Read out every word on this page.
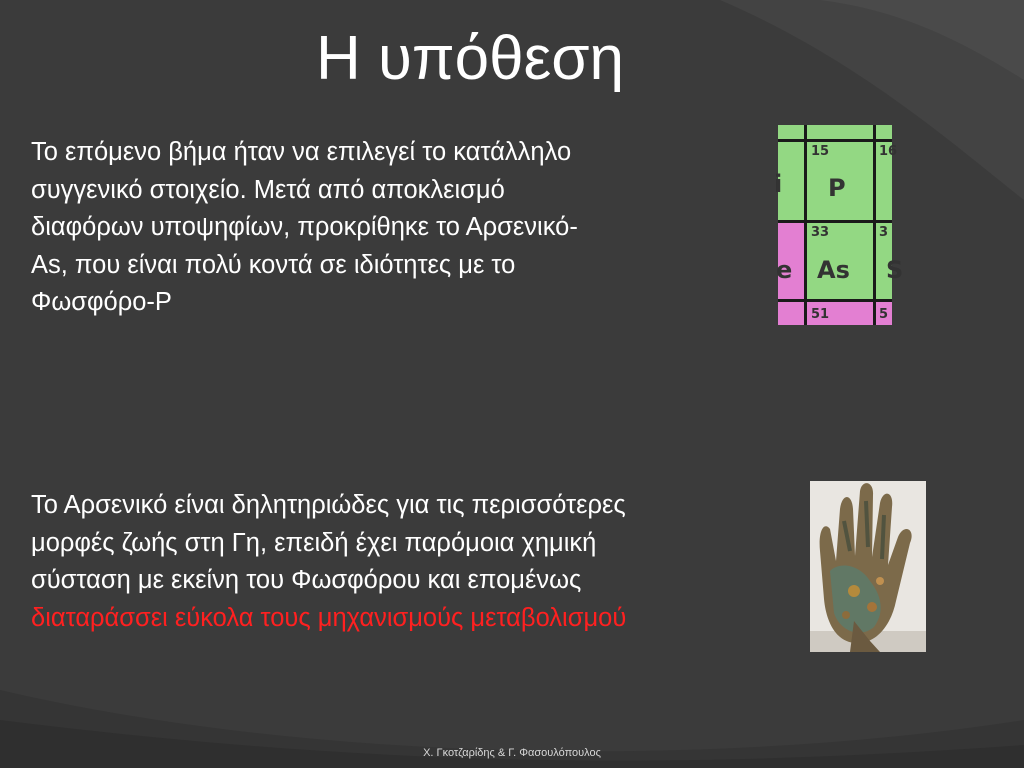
Η υπόθεση
Το επόμενο βήμα ήταν να επιλεγεί το κατάλληλο
συγγενικό στοιχείο. Μετά από αποκλεισμό
διαφόρων υποψηφίων, προκρίθηκε το Αρσενικό-
As, που είναι πολύ κοντά σε ιδιότητες με το
Φωσφόρο-P
Το Αρσενικό είναι δηλητηριώδες για τις περισσότερες
μορφές ζωής στη Γη, επειδή έχει παρόμοια χημική
σύσταση με εκείνη του Φωσφόρου και επομένως
διαταράσσει εύκολα τους μηχανισμούς μεταβολισμού
i
15
P
16
e
33
As
3
S
51	5
Χ. Γκοτζαρίδης & Γ. Φασουλόπουλος
